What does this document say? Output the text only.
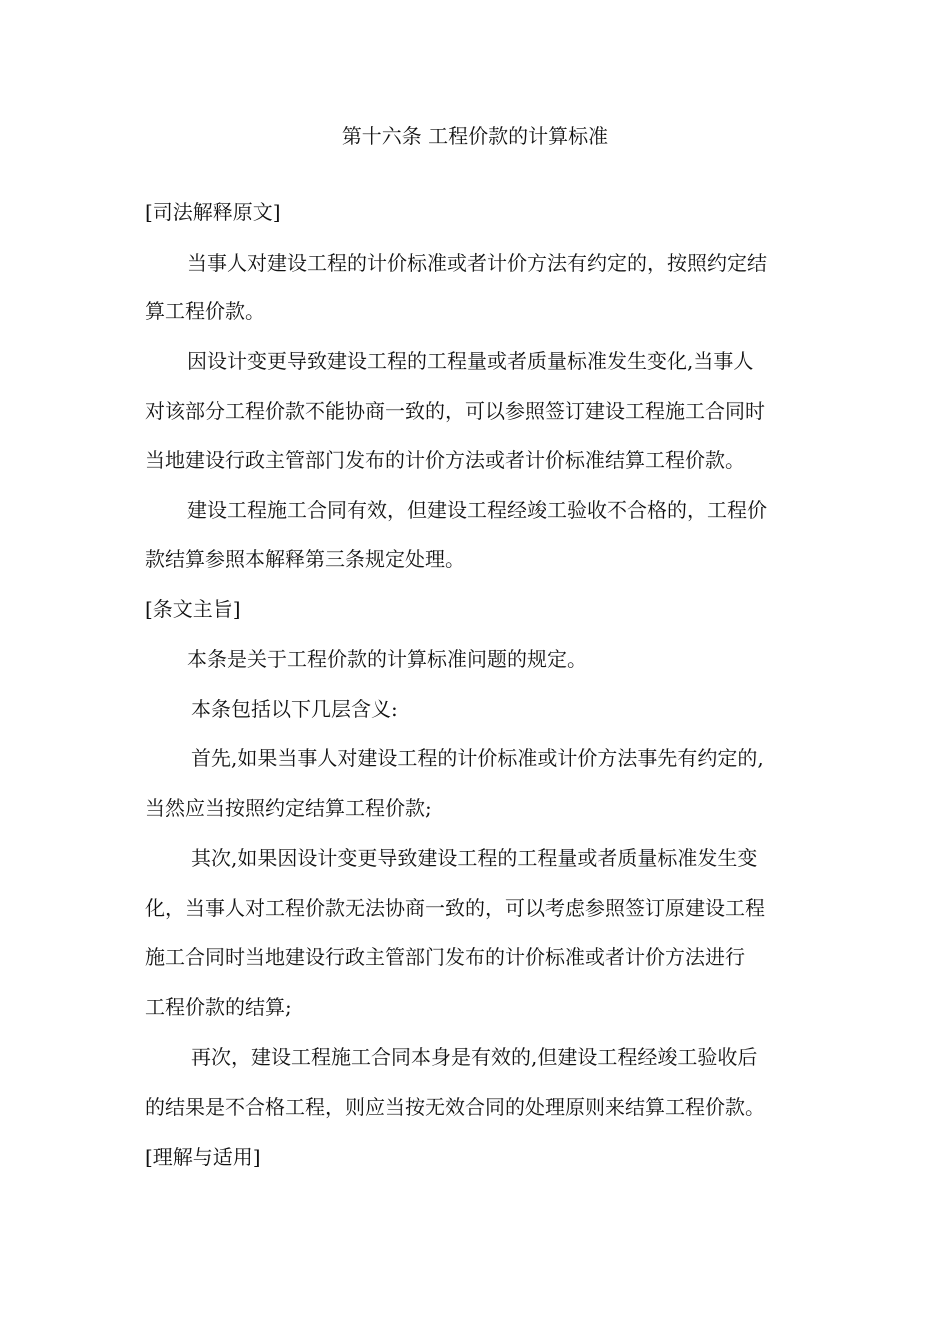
第十六条 工程价款的计算标准
[司法解释原文]
当事人对建设工程的计价标准或者计价方法有约定的，按照约定结
算工程价款。
因设计变更导致建设工程的工程量或者质量标准发生变化,当事人
对该部分工程价款不能协商一致的，可以参照签订建设工程施工合同时
当地建设行政主管部门发布的计价方法或者计价标准结算工程价款。
建设工程施工合同有效，但建设工程经竣工验收不合格的，工程价
款结算参照本解释第三条规定处理。
[条文主旨]
本条是关于工程价款的计算标准问题的规定。
本条包括以下几层含义:
首先,如果当事人对建设工程的计价标准或计价方法事先有约定的,
当然应当按照约定结算工程价款;
其次,如果因设计变更导致建设工程的工程量或者质量标准发生变
化，当事人对工程价款无法协商一致的，可以考虑参照签订原建设工程
施工合同时当地建设行政主管部门发布的计价标准或者计价方法进行
工程价款的结算;
再次，建设工程施工合同本身是有效的,但建设工程经竣工验收后
的结果是不合格工程，则应当按无效合同的处理原则来结算工程价款。
[理解与适用]
